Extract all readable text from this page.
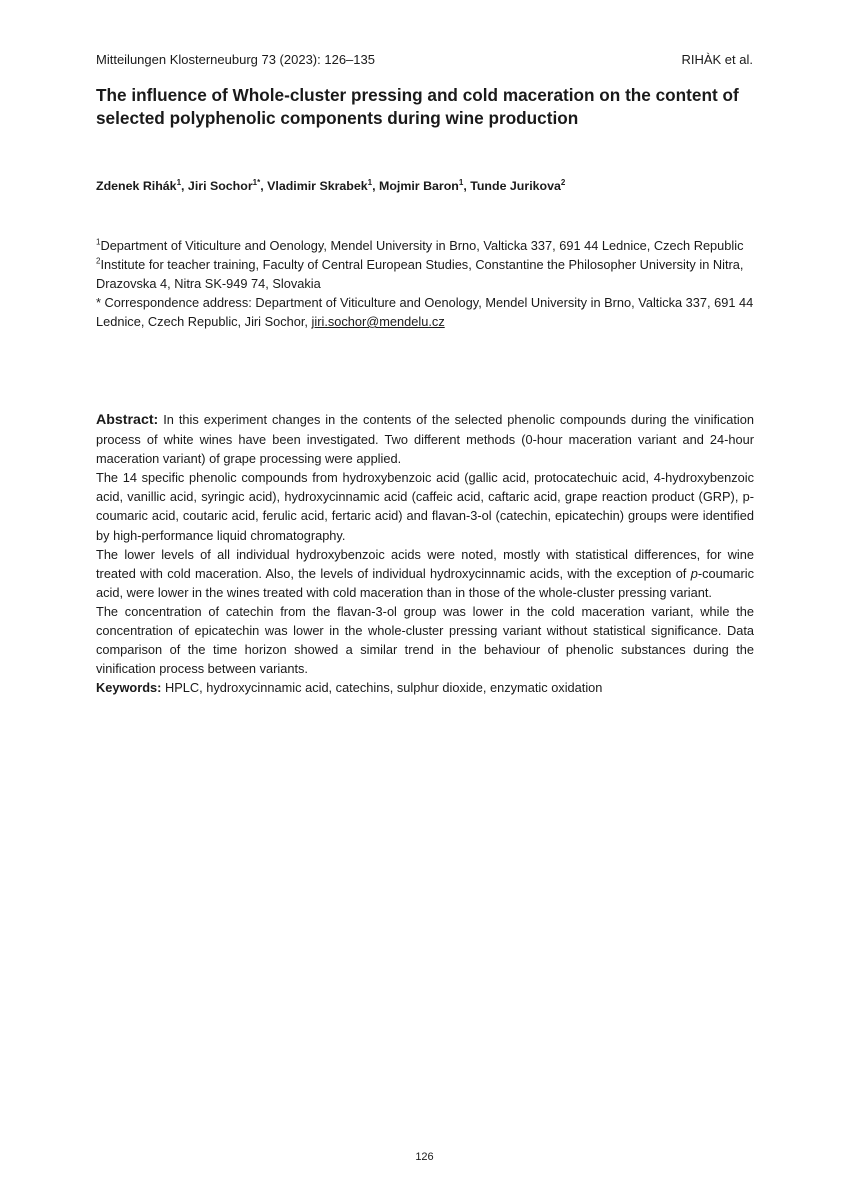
Mitteilungen Klosterneuburg 73 (2023): 126–135	RIHÀK et al.
The influence of Whole-cluster pressing and cold maceration on the content of selected polyphenolic components during wine production
Zdenek Rihák$^1$, Jiri Sochor$^{1*}$, Vladimir Skrabek$^1$, Mojmir Baron$^1$, Tunde Jurikova$^2$

$^1$Department of Viticulture and Oenology, Mendel University in Brno, Valticka 337, 691 44 Lednice, Czech Republic

$^2$Institute for teacher training, Faculty of Central European Studies, Constantine the Philosopher University in Nitra, Drazovska 4, Nitra SK-949 74, Slovakia

* Correspondence address: Department of Viticulture and Oenology, Mendel University in Brno, Valticka 337, 691 44 Lednice, Czech Republic, Jiri Sochor, jiri.sochor@mendelu.cz

Abstract: In this experiment changes in the contents of the selected phenolic compounds during the vinification process of white wines have been investigated. Two different methods (0-hour maceration variant and 24-hour maceration variant) of grape processing were applied.

The 14 specific phenolic compounds from hydroxybenzoic acid (gallic acid, protocatechuic acid, 4-hydroxybenzoic acid, vanillic acid, syringic acid), hydroxycinnamic acid (caffeic acid, caftaric acid, grape reaction product (GRP), p-coumaric acid, coutaric acid, ferulic acid, fertaric acid) and flavan-3-ol (catechin, epicatechin) groups were identified by high-performance liquid chromatography.

The lower levels of all individual hydroxybenzoic acids were noted, mostly with statistical differences, for wine treated with cold maceration. Also, the levels of individual hydroxycinnamic acids, with the exception of p-coumaric acid, were lower in the wines treated with cold maceration than in those of the whole-cluster pressing variant.

The concentration of catechin from the flavan-3-ol group was lower in the cold maceration variant, while the concentration of epicatechin was lower in the whole-cluster pressing variant without statistical significance. Data comparison of the time horizon showed a similar trend in the behaviour of phenolic substances during the vinification process between variants.

Keywords: HPLC, hydroxycinnamic acid, catechins, sulphur dioxide, enzymatic oxidation

126
